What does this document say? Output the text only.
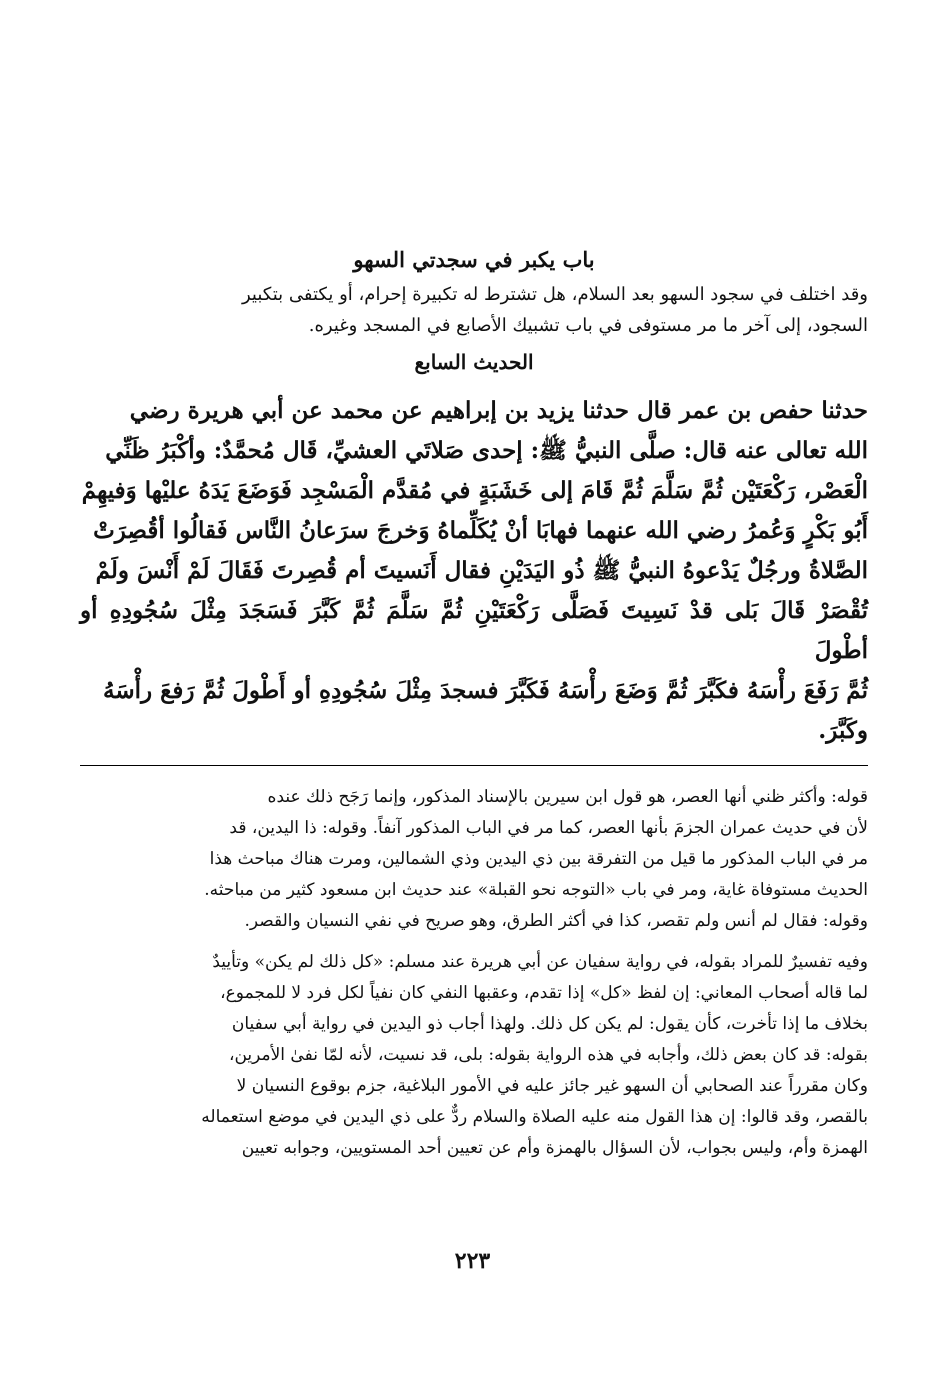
باب يكبر في سجدتي السهو

وقد اختلف في سجود السهو بعد السلام، هل تشترط له تكبيرة إحرام، أو يكتفى بتكبير

السجود، إلى آخر ما مر مستوفى في باب تشبيك الأصابع في المسجد وغيره.

الحديث السابع
حدثنا حفص بن عمر قال حدثنا يزيد بن إبراهيم عن محمد عن أبي هريرة رضي
الله تعالى عنه قال: صلَّى النبيُّ ﷺ: إحدى صَلاتَي العشيِّ، قَال مُحمَّدٌ: وأكْبَرُ ظَنِّي
الْعَصْر، رَكْعَتَيْن ثُمَّ سَلَّمَ ثُمَّ قَامَ إلى خَشَبَةٍ في مُقدَّم الْمَسْجِد فَوَضَعَ يَدَهُ عليْها وَفيهِمْ
أَبُو بَكْرٍ وَعُمرُ رضي الله عنهما فهابَا أنْ يُكَلِّماهُ وَخرجَ سرَعانُ النَّاس فَقالُوا أقُصِرَتْ
الصَّلاةُ ورجُلٌ يَدْعوهُ النبيُّ ﷺ ذُو اليَدَيْنِ فقال أَنَسيتَ أم قُصِرتَ فَقَالَ لَمْ أَنْسَ ولَمْ
تُقْصَرْ قَالَ بَلى قدْ نَسِيتَ فَصَلَّى رَكْعَتَيْنِ ثُمَّ سَلَّمَ ثُمَّ كَبَّرَ فَسَجَدَ مِثْلَ سُجُودِهِ أو أطْولَ
ثُمَّ رَفَعَ رأْسَهُ فكَبَّرَ ثُمَّ وَضَعَ رأْسَهُ فَكَبَّرَ فسجدَ مِثْلَ سُجُودِهِ أو أَطْولَ ثُمَّ رَفعَ رأْسَهُ
وكَبَّرَ.
قوله: وأكثر ظني أنها العصر، هو قول ابن سيرين بالإسناد المذكور، وإنما رَجَح ذلك عنده
لأن في حديث عمران الجزمَ بأنها العصر، كما مر في الباب المذكور آنفاً. وقوله: ذا اليدين، قد
مر في الباب المذكور ما قيل من التفرقة بين ذي اليدين وذي الشمالين، ومرت هناك مباحث هذا
الحديث مستوفاة غاية، ومر في باب «التوجه نحو القبلة» عند حديث ابن مسعود كثير من مباحثه.
وقوله: فقال لم أنس ولم تقصر، كذا في أكثر الطرق، وهو صريح في نفي النسيان والقصر.
وفيه تفسيرٌ للمراد بقوله، في رواية سفيان عن أبي هريرة عند مسلم: «كل ذلك لم يكن» وتأييدٌ
لما قاله أصحاب المعاني: إن لفظ «كل» إذا تقدم، وعقبها النفي كان نفياً لكل فرد لا للمجموع،
بخلاف ما إذا تأخرت، كأن يقول: لم يكن كل ذلك. ولهذا أجاب ذو اليدين في رواية أبي سفيان
بقوله: قد كان بعض ذلك، وأجابه في هذه الرواية بقوله: بلى، قد نسيت، لأنه لمّا نفىٰ الأمرين،
وكان مقرراً عند الصحابي أن السهو غير جائز عليه في الأمور البلاغية، جزم بوقوع النسيان لا
بالقصر، وقد قالوا: إن هذا القول منه عليه الصلاة والسلام ردٌّ على ذي اليدين في موضع استعماله
الهمزة وأم، وليس بجواب، لأن السؤال بالهمزة وأم عن تعيين أحد المستويين، وجوابه تعيين
٢٢٣
